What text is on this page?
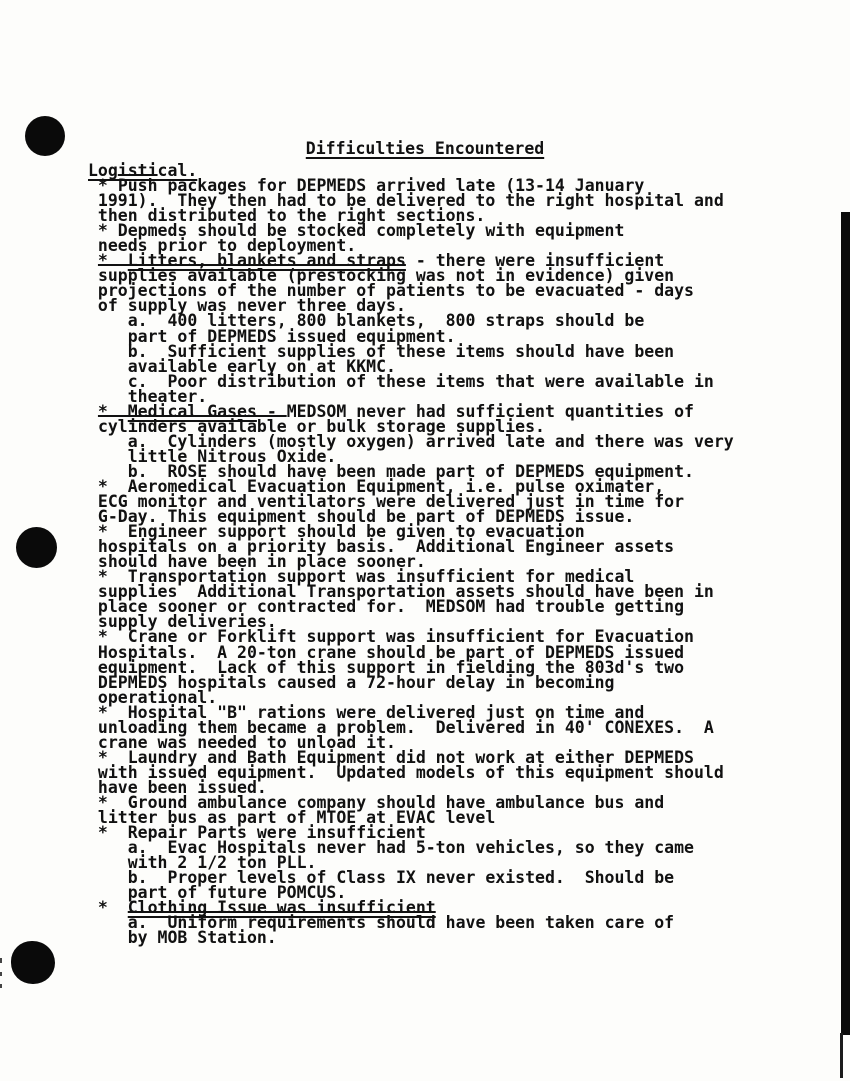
Difficulties Encountered
Logistical.
* Push packages for DEPMEDS arrived late (13-14 January
1991).  They then had to be delivered to the right hospital and
then distributed to the right sections.
* Depmeds should be stocked completely with equipment
needs prior to deployment.
*  Litters, blankets and straps - there were insufficient
supplies available (prestocking was not in evidence) given
projections of the number of patients to be evacuated - days
of supply was never three days.
a.  400 litters, 800 blankets,  800 straps should be
part of DEPMEDS issued equipment.
b.  Sufficient supplies of these items should have been
available early on at KKMC.
c.  Poor distribution of these items that were available in
theater.
*  Medical Gases - MEDSOM never had sufficient quantities of
cylinders available or bulk storage supplies.
a.  Cylinders (mostly oxygen) arrived late and there was very
little Nitrous Oxide.
b.  ROSE should have been made part of DEPMEDS equipment.
*  Aeromedical Evacuation Equipment, i.e. pulse oximater,
ECG monitor and ventilators were delivered just in time for
G-Day. This equipment should be part of DEPMEDS issue.
*  Engineer support should be given to evacuation
hospitals on a priority basis.  Additional Engineer assets
should have been in place sooner.
*  Transportation support was insufficient for medical
supplies  Additional Transportation assets should have been in
place sooner or contracted for.  MEDSOM had trouble getting
supply deliveries.
*  Crane or Forklift support was insufficient for Evacuation
Hospitals.  A 20-ton crane should be part of DEPMEDS issued
equipment.  Lack of this support in fielding the 803d's two
DEPMEDS hospitals caused a 72-hour delay in becoming
operational.
*  Hospital "B" rations were delivered just on time and
unloading them became a problem.  Delivered in 40' CONEXES.  A
crane was needed to unload it.
*  Laundry and Bath Equipment did not work at either DEPMEDS
with issued equipment.  Updated models of this equipment should
have been issued.
*  Ground ambulance company should have ambulance bus and
litter bus as part of MTOE at EVAC level
*  Repair Parts were insufficient
a.  Evac Hospitals never had 5-ton vehicles, so they came
with 2 1/2 ton PLL.
b.  Proper levels of Class IX never existed.  Should be
part of future POMCUS.
*  Clothing Issue was insufficient
a.  Uniform requirements should have been taken care of
by MOB Station.
